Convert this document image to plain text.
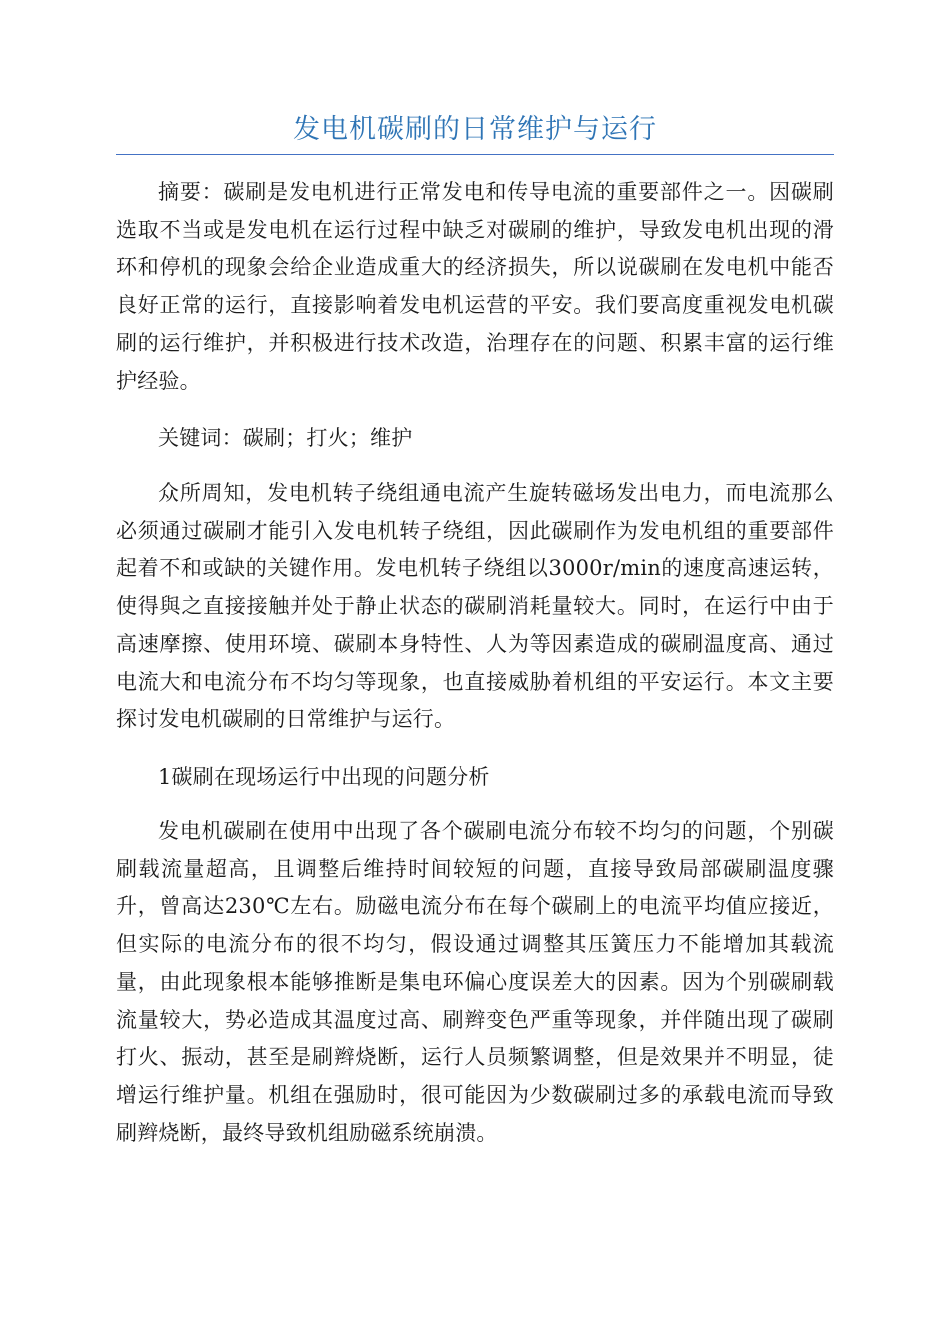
发电机碳刷的日常维护与运行

摘要：碳刷是发电机进行正常发电和传导电流的重要部件之一。因碳刷选取不当或是发电机在运行过程中缺乏对碳刷的维护，导致发电机出现的滑环和停机的现象会给企业造成重大的经济损失，所以说碳刷在发电机中能否良好正常的运行，直接影响着发电机运营的平安。我们要高度重视发电机碳刷的运行维护，并积极进行技术改造，治理存在的问题、积累丰富的运行维护经验。

关键词：碳刷；打火；维护

众所周知，发电机转子绕组通电流产生旋转磁场发出电力，而电流那么必须通过碳刷才能引入发电机转子绕组，因此碳刷作为发电机组的重要部件起着不和或缺的关键作用。发电机转子绕组以3000r/min的速度高速运转，使得與之直接接触并处于静止状态的碳刷消耗量较大。同时，在运行中由于高速摩擦、使用环境、碳刷本身特性、人为等因素造成的碳刷温度高、通过电流大和电流分布不均匀等现象，也直接威胁着机组的平安运行。本文主要探讨发电机碳刷的日常维护与运行。

1碳刷在现场运行中出现的问题分析

发电机碳刷在使用中出现了各个碳刷电流分布较不均匀的问题，个别碳刷载流量超高，且调整后维持时间较短的问题，直接导致局部碳刷温度骤升，曾高达230℃左右。励磁电流分布在每个碳刷上的电流平均值应接近，但实际的电流分布的很不均匀，假设通过调整其压簧压力不能增加其载流量，由此现象根本能够推断是集电环偏心度误差大的因素。因为个别碳刷载流量较大，势必造成其温度过高、刷辫变色严重等现象，并伴随出现了碳刷打火、振动，甚至是刷辫烧断，运行人员频繁调整，但是效果并不明显，徒增运行维护量。机组在强励时，很可能因为少数碳刷过多的承载电流而导致刷辫烧断，最终导致机组励磁系统崩溃。
